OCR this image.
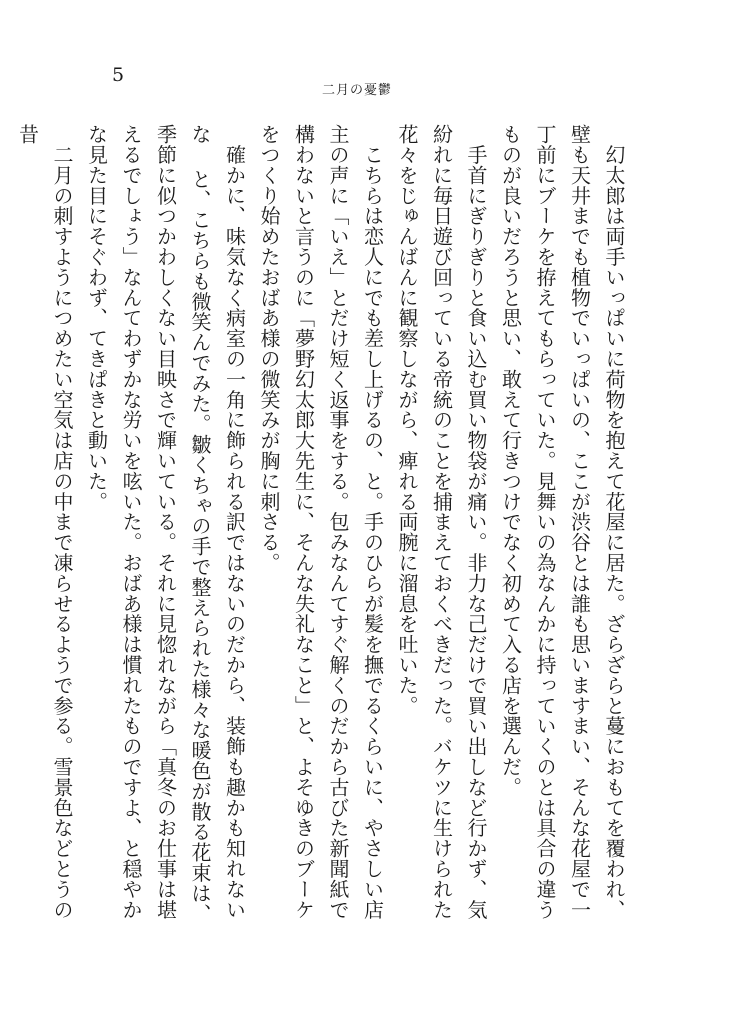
5
二月の憂鬱

　幻太郎は両手いっぱいに荷物を抱えて花屋に居た。ざらざらと蔓におもてを覆われ、壁も天井までも植物でいっぱいの、ここが渋谷とは誰も思いますまい、そんな花屋で一丁前にブーケを拵えてもらっていた。見舞いの為なんかに持っていくのとは具合の違うものが良いだろうと思い、敢えて行きつけでなく初めて入る店を選んだ。

　手首にぎりぎりと食い込む買い物袋が痛い。非力な己だけで買い出しなど行かず、気紛れに毎日遊び回っている帝統のことを捕まえておくべきだった。バケツに生けられた花々をじゅんばんに観察しながら、痺れる両腕に溜息を吐いた。

　こちらは恋人にでも差し上げるの、と。手のひらが髪を撫でるくらいに、やさしい店主の声に「いえ」とだけ短く返事をする。包みなんてすぐ解くのだから古びた新聞紙で構わないと言うのに「夢野幻太郎大先生に、そんな失礼なこと」と、よそゆきのブーケをつくり始めたおばあ様の微笑みが胸に刺さる。

　確かに、味気なく病室の一角に飾られる訳ではないのだから、装飾も趣かも知れないな と、こちらも微笑んでみた。皺くちゃの手で整えられた様々な暖色が散る花束は、季節に似つかわしくない目映さで輝いている。それに見惚れながら「真冬のお仕事は堪えるでしょう」なんてわずかな労いを呟いた。おばあ様は慣れたものですよ、と穏やかな見た目にそぐわず、てきぱきと動いた。

　二月の刺すようにつめたい空気は店の中まで凍らせるようで参る。雪景色などとうの昔
